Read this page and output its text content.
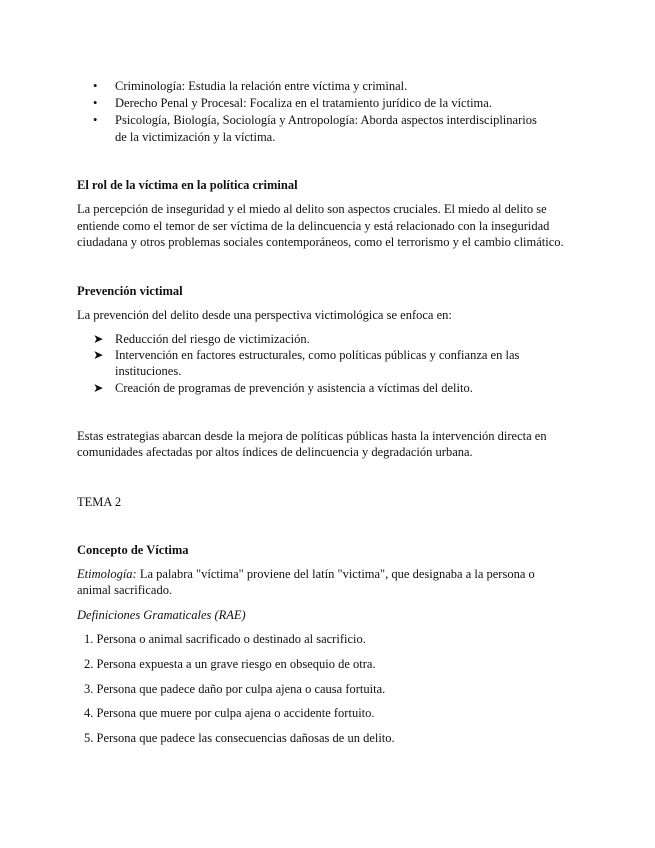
• Criminología: Estudia la relación entre víctima y criminal.
• Derecho Penal y Procesal: Focaliza en el tratamiento jurídico de la víctima.
• Psicología, Biología, Sociología y Antropología: Aborda aspectos interdisciplinarios de la victimización y la víctima.
El rol de la víctima en la política criminal
La percepción de inseguridad y el miedo al delito son aspectos cruciales. El miedo al delito se
entiende como el temor de ser víctima de la delincuencia y está relacionado con la inseguridad
ciudadana y otros problemas sociales contemporáneos, como el terrorismo y el cambio climático.
Prevención victimal
La prevención del delito desde una perspectiva victimológica se enfoca en:
➤ Reducción del riesgo de victimización.
➤ Intervención en factores estructurales, como políticas públicas y confianza en las instituciones.
➤ Creación de programas de prevención y asistencia a víctimas del delito.
Estas estrategias abarcan desde la mejora de políticas públicas hasta la intervención directa en
comunidades afectadas por altos índices de delincuencia y degradación urbana.
TEMA 2
Concepto de Víctima
Etimología: La palabra "víctima" proviene del latín "victima", que designaba a la persona o
animal sacrificado.
Definiciones Gramaticales (RAE)
1. Persona o animal sacrificado o destinado al sacrificio.
2. Persona expuesta a un grave riesgo en obsequio de otra.
3. Persona que padece daño por culpa ajena o causa fortuita.
4. Persona que muere por culpa ajena o accidente fortuito.
5. Persona que padece las consecuencias dañosas de un delito.
